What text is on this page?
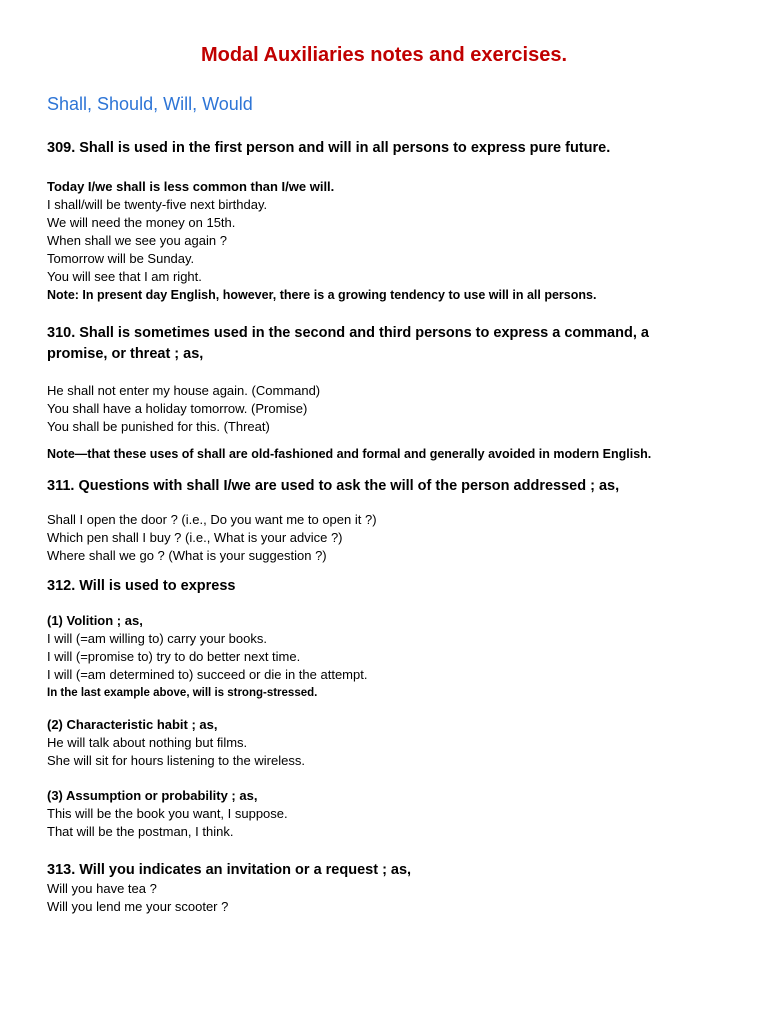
Modal Auxiliaries notes and exercises.
Shall, Should, Will, Would
309. Shall is used in the first person and will in all persons to express pure future.
Today I/we shall is less common than I/we will.
I shall/will be twenty-five next birthday.
We will need the money on 15th.
When shall we see you again ?
Tomorrow will be Sunday.
You will see that I am right.
Note: In present day English, however, there is a growing tendency to use will in all persons.
310. Shall is sometimes used in the second and third persons to express a command, a promise, or threat ; as,
He shall not enter my house again. (Command)
You shall have a holiday tomorrow. (Promise)
You shall be punished for this. (Threat)
Note—that these uses of shall are old-fashioned and formal and generally avoided in modern English.
311. Questions with shall I/we are used to ask the will of the person addressed ; as,
Shall I open the door ? (i.e., Do you want me to open it ?)
Which pen shall I buy ? (i.e., What is your advice ?)
Where shall we go ? (What is your suggestion ?)
312. Will is used to express
(1) Volition ; as,
I will (=am willing to) carry your books.
I will (=promise to) try to do better next time.
I will (=am determined to) succeed or die in the attempt.
In the last example above, will is strong-stressed.
(2) Characteristic habit ; as,
He will talk about nothing but films.
She will sit for hours listening to the wireless.
(3) Assumption or probability ; as,
This will be the book you want, I suppose.
That will be the postman, I think.
313. Will you indicates an invitation or a request ; as,
Will you have tea ?
Will you lend me your scooter ?
